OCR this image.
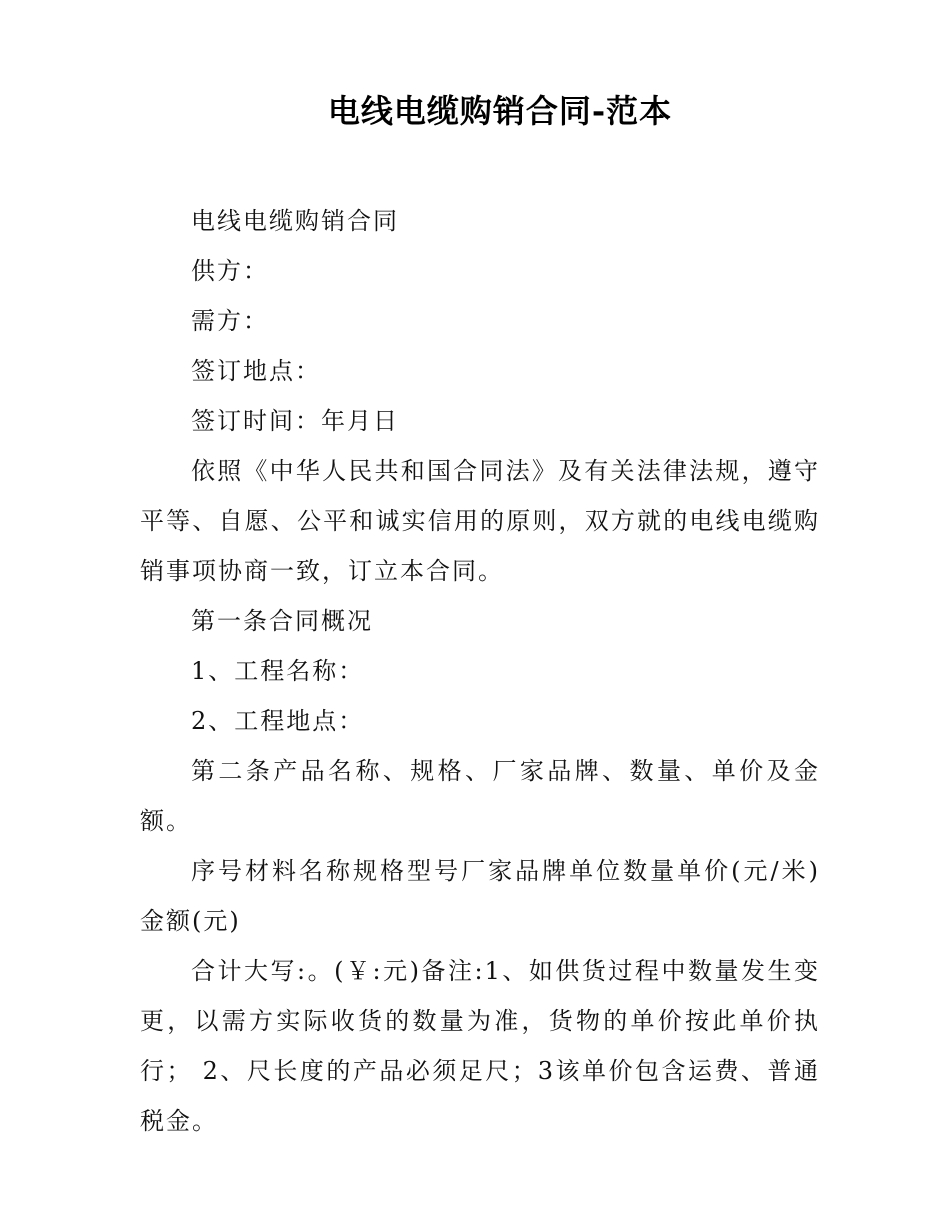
电线电缆购销合同-范本

电线电缆购销合同

供方：

需方：

签订地点：

签订时间：年月日

依照《中华人民共和国合同法》及有关法律法规，遵守平等、自愿、公平和诚实信用的原则，双方就的电线电缆购销事项协商一致，订立本合同。

第一条合同概况

1、工程名称：

2、工程地点：

第二条产品名称、规格、厂家品牌、数量、单价及金额。

序号材料名称规格型号厂家品牌单位数量单价(元/米)金额(元)

合计大写:。(￥:元)备注:1、如供货过程中数量发生变更，以需方实际收货的数量为准，货物的单价按此单价执行； 2、尺长度的产品必须足尺；3该单价包含运费、普通税金。
